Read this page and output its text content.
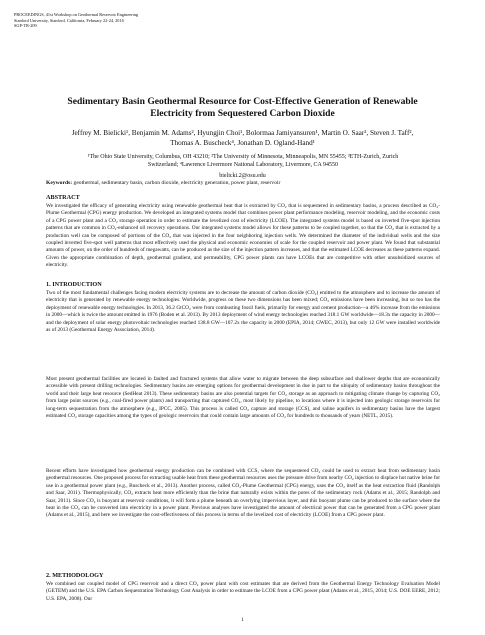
PROCEEDINGS, 41st Workshop on Geothermal Reservoir Engineering
Stanford University, Stanford, California, February 22-24, 2016
SGP-TR-209
Sedimentary Basin Geothermal Resource for Cost-Effective Generation of Renewable
Electricity from Sequestered Carbon Dioxide
Jeffrey M. Bielicki¹, Benjamin M. Adams², Hyungjin Choi¹, Bolormaa Jamiyansuren¹, Martin O. Saar², Steven J. Taff²,
Thomas A. Buscheck⁴, Jonathan D. Ogland-Hand¹
¹The Ohio State University, Columbus, OH 43210; ²The University of Minnesota, Minneapolis, MN 55455; ³ETH-Zurich, Zurich
Switzerland; ⁴Lawrence Livermore National Laboratory, Livermore, CA 94550
bielicki.2@osu.edu
Keywords: geothermal, sedimentary basin, carbon dioxide, electricity generation, power plant, reservoir
ABSTRACT

We investigated the efficacy of generating electricity using renewable geothermal heat that is extracted by CO₂ that is sequestered in sedimentary basins, a process described as CO₂-Plume Geothermal (CPG) energy production. We developed an integrated systems model that combines power plant performance modeling, reservoir modeling, and the economic costs of a CPG power plant and a CO₂ storage operation in order to estimate the levelized cost of electricity (LCOE). The integrated systems model is based on inverted five-spot injection patterns that are common in CO₂-enhanced oil recovery operations. Our integrated systems model allows for these patterns to be coupled together, so that the CO₂ that is extracted by a production well can be composed of portions of the CO₂ that was injected in the four neighboring injection wells. We determined the diameter of the individual wells and the size coupled inverted five-spot well patterns that most effectively used the physical and economic economies of scale for the coupled reservoir and power plant. We found that substantial amounts of power, on the order of hundreds of megawatts, can be produced as the size of the injection pattern increases, and that the estimated LCOE decreases as these patterns expand. Given the appropriate combination of depth, geothermal gradient, and permeability, CPG power plants can have LCOEs that are competitive with other unsubsidized sources of electricity.

1. INTRODUCTION

Two of the most fundamental challenges facing modern electricity systems are to decrease the amount of carbon dioxide (CO₂) emitted to the atmosphere and to increase the amount of electricity that is generated by renewable energy technologies. Worldwide, progress on these two dimensions has been mixed; CO₂ emissions have been increasing, but so too has the deployment of renewable energy technologies. In 2013, 36.2 GtCO₂ were from combusting fossil fuels, primarily for energy and cement production—a 46% increase from the emissions in 2000—which is twice the amount emitted in 1976 (Boden et al. 2013). By 2013 deployment of wind energy technologies reached 318.1 GW worldwide—18.3x the capacity in 2000—and the deployment of solar energy photovoltaic technologies reached 138.8 GW—107.2x the capacity in 2000 (EPIA, 2014; GWEC, 2013), but only 12 GW were installed worldwide as of 2013 (Geothermal Energy Association, 2014).

Most present geothermal facilities are located in faulted and fractured systems that allow water to migrate between the deep subsurface and shallower depths that are economically accessible with present drilling technologies. Sedimentary basins are emerging options for geothermal development in due in part to the ubiquity of sedimentary basins throughout the world and their large heat resource (SedHeat 2013). These sedimentary basins are also potential targets for CO₂ storage as an approach to mitigating climate change by capturing CO₂ from large point sources (e.g., coal-fired power plants) and transporting that captured CO₂, most likely by pipeline, to locations where it is injected into geologic storage reservoirs for long-term sequestration from the atmosphere (e.g., IPCC, 2005). This process is called CO₂ capture and storage (CCS), and saline aquifers in sedimentary basins have the largest estimated CO₂ storage capacities among the types of geologic reservoirs that could contain large amounts of CO₂ for hundreds to thousands of years (NETL, 2015).

Recent efforts have investigated how geothermal energy production can be combined with CCS, where the sequestered CO₂ could be used to extract heat from sedimentary basin geothermal resources. One proposed process for extracting usable heat from these geothermal resources uses the pressure drive from nearby CO₂ injection to displace hot native brine for use in a geothermal power plant (e.g., Buscheck et al., 2013). Another process, called CO₂-Plume Geothermal (CPG) energy, uses the CO₂ itself as the heat extraction fluid (Randolph and Saar, 2011). Thermophysically, CO₂ extracts heat more efficiently than the brine that naturally exists within the pores of the sedimentary rock (Adams et al., 2015; Randolph and Saar, 2011). Since CO₂ is buoyant at reservoir conditions, it will form a plume beneath an overlying impervious layer, and this buoyant plume can be produced to the surface where the heat in the CO₂ can be converted into electricity in a power plant. Previous analyses have investigated the amount of electrical power that can be generated from a CPG power plant (Adams et al., 2015), and here we investigate the cost-effectiveness of this process in terms of the levelized cost of electricity (LCOE) from a CPG power plant.

2. METHODOLOGY

We combined our coupled model of CPG reservoir and a direct CO₂ power plant with cost estimates that are derived from the Geothermal Energy Technology Evaluation Model (GETEM) and the U.S. EPA Carbon Sequestration Technology Cost Analysis in order to estimate the LCOE from a CPG power plant (Adams et al., 2015, 2014; U.S. DOE EERE, 2012; U.S. EPA, 2008). Our

1
